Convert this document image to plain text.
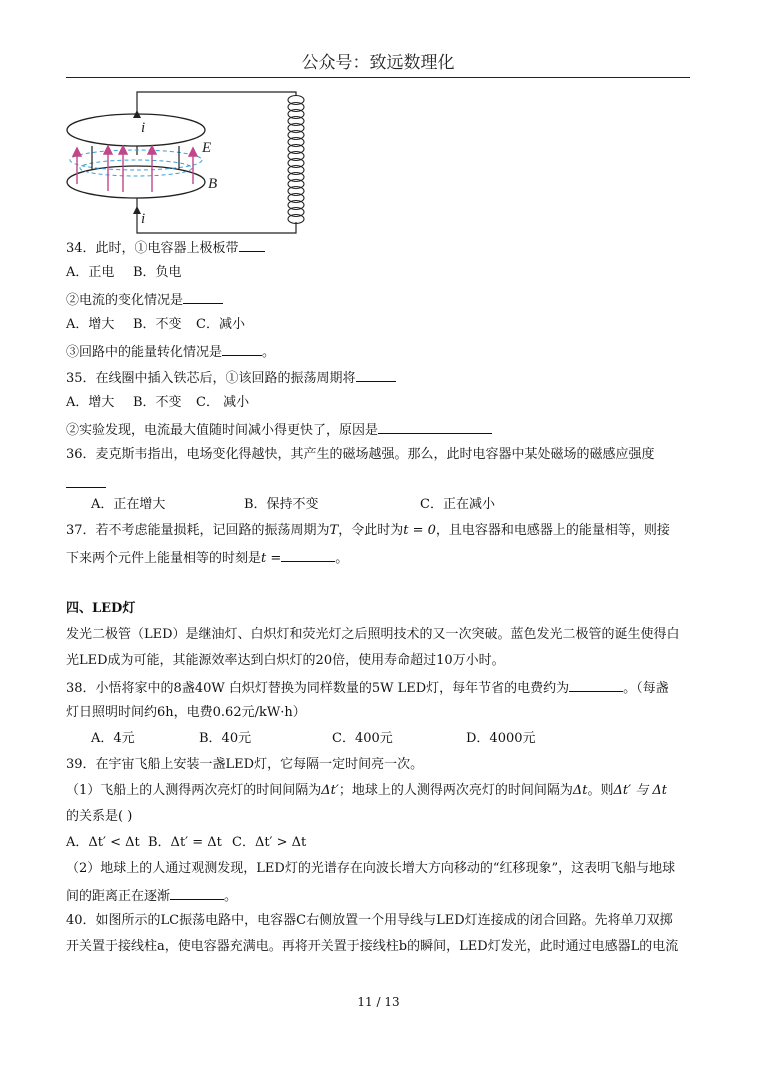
公众号：致远数理化
i
E
B
i
34．此时，①电容器上极板带
A．正电 B．负电
②电流的变化情况是
A．增大 B．不变 C．减小
③回路中的能量转化情况是	。
35．在线圈中插入铁芯后，①该回路的振荡周期将
A．增大 B．不变 C． 减小
②实验发现，电流最大值随时间减小得更快了，原因是
36．麦克斯韦指出，电场变化得越快，其产生的磁场越强。那么，此时电容器中某处磁场的磁感应强度
A．正在增大	B．保持不变	C．正在减小
37．若不考虑能量损耗，记回路的振荡周期为T，令此时为t = 0，且电容器和电感器上的能量相等，则接
下来两个元件上能量相等的时刻是t =	。
四、LED灯
发光二极管（LED）是继油灯、白炽灯和荧光灯之后照明技术的又一次突破。蓝色发光二极管的诞生使得白
光LED成为可能，其能源效率达到白炽灯的20倍，使用寿命超过10万小时。
38．小悟将家中的8盏40W 白炽灯替换为同样数量的5W LED灯，每年节省的电费约为	。（每盏
灯日照明时间约6h，电费0.62元/kW·h）
A．4元	B．40元	C．400元	D．4000元
39．在宇宙飞船上安装一盏LED灯，它每隔一定时间亮一次。
（1）飞船上的人测得两次亮灯的时间间隔为Δt′；地球上的人测得两次亮灯的时间间隔为Δt。则Δt′ 与 Δt
的关系是( )
A．Δt′ < Δt B．Δt′ = Δt C．Δt′ > Δt
（2）地球上的人通过观测发现，LED灯的光谱存在向波长增大方向移动的“红移现象”，这表明飞船与地球
间的距离正在逐渐	。
40．如图所示的LC振荡电路中，电容器C右侧放置一个用导线与LED灯连接成的闭合回路。先将单刀双掷
开关置于接线柱a，使电容器充满电。再将开关置于接线柱b的瞬间，LED灯发光，此时通过电感器L的电流
11 / 13
